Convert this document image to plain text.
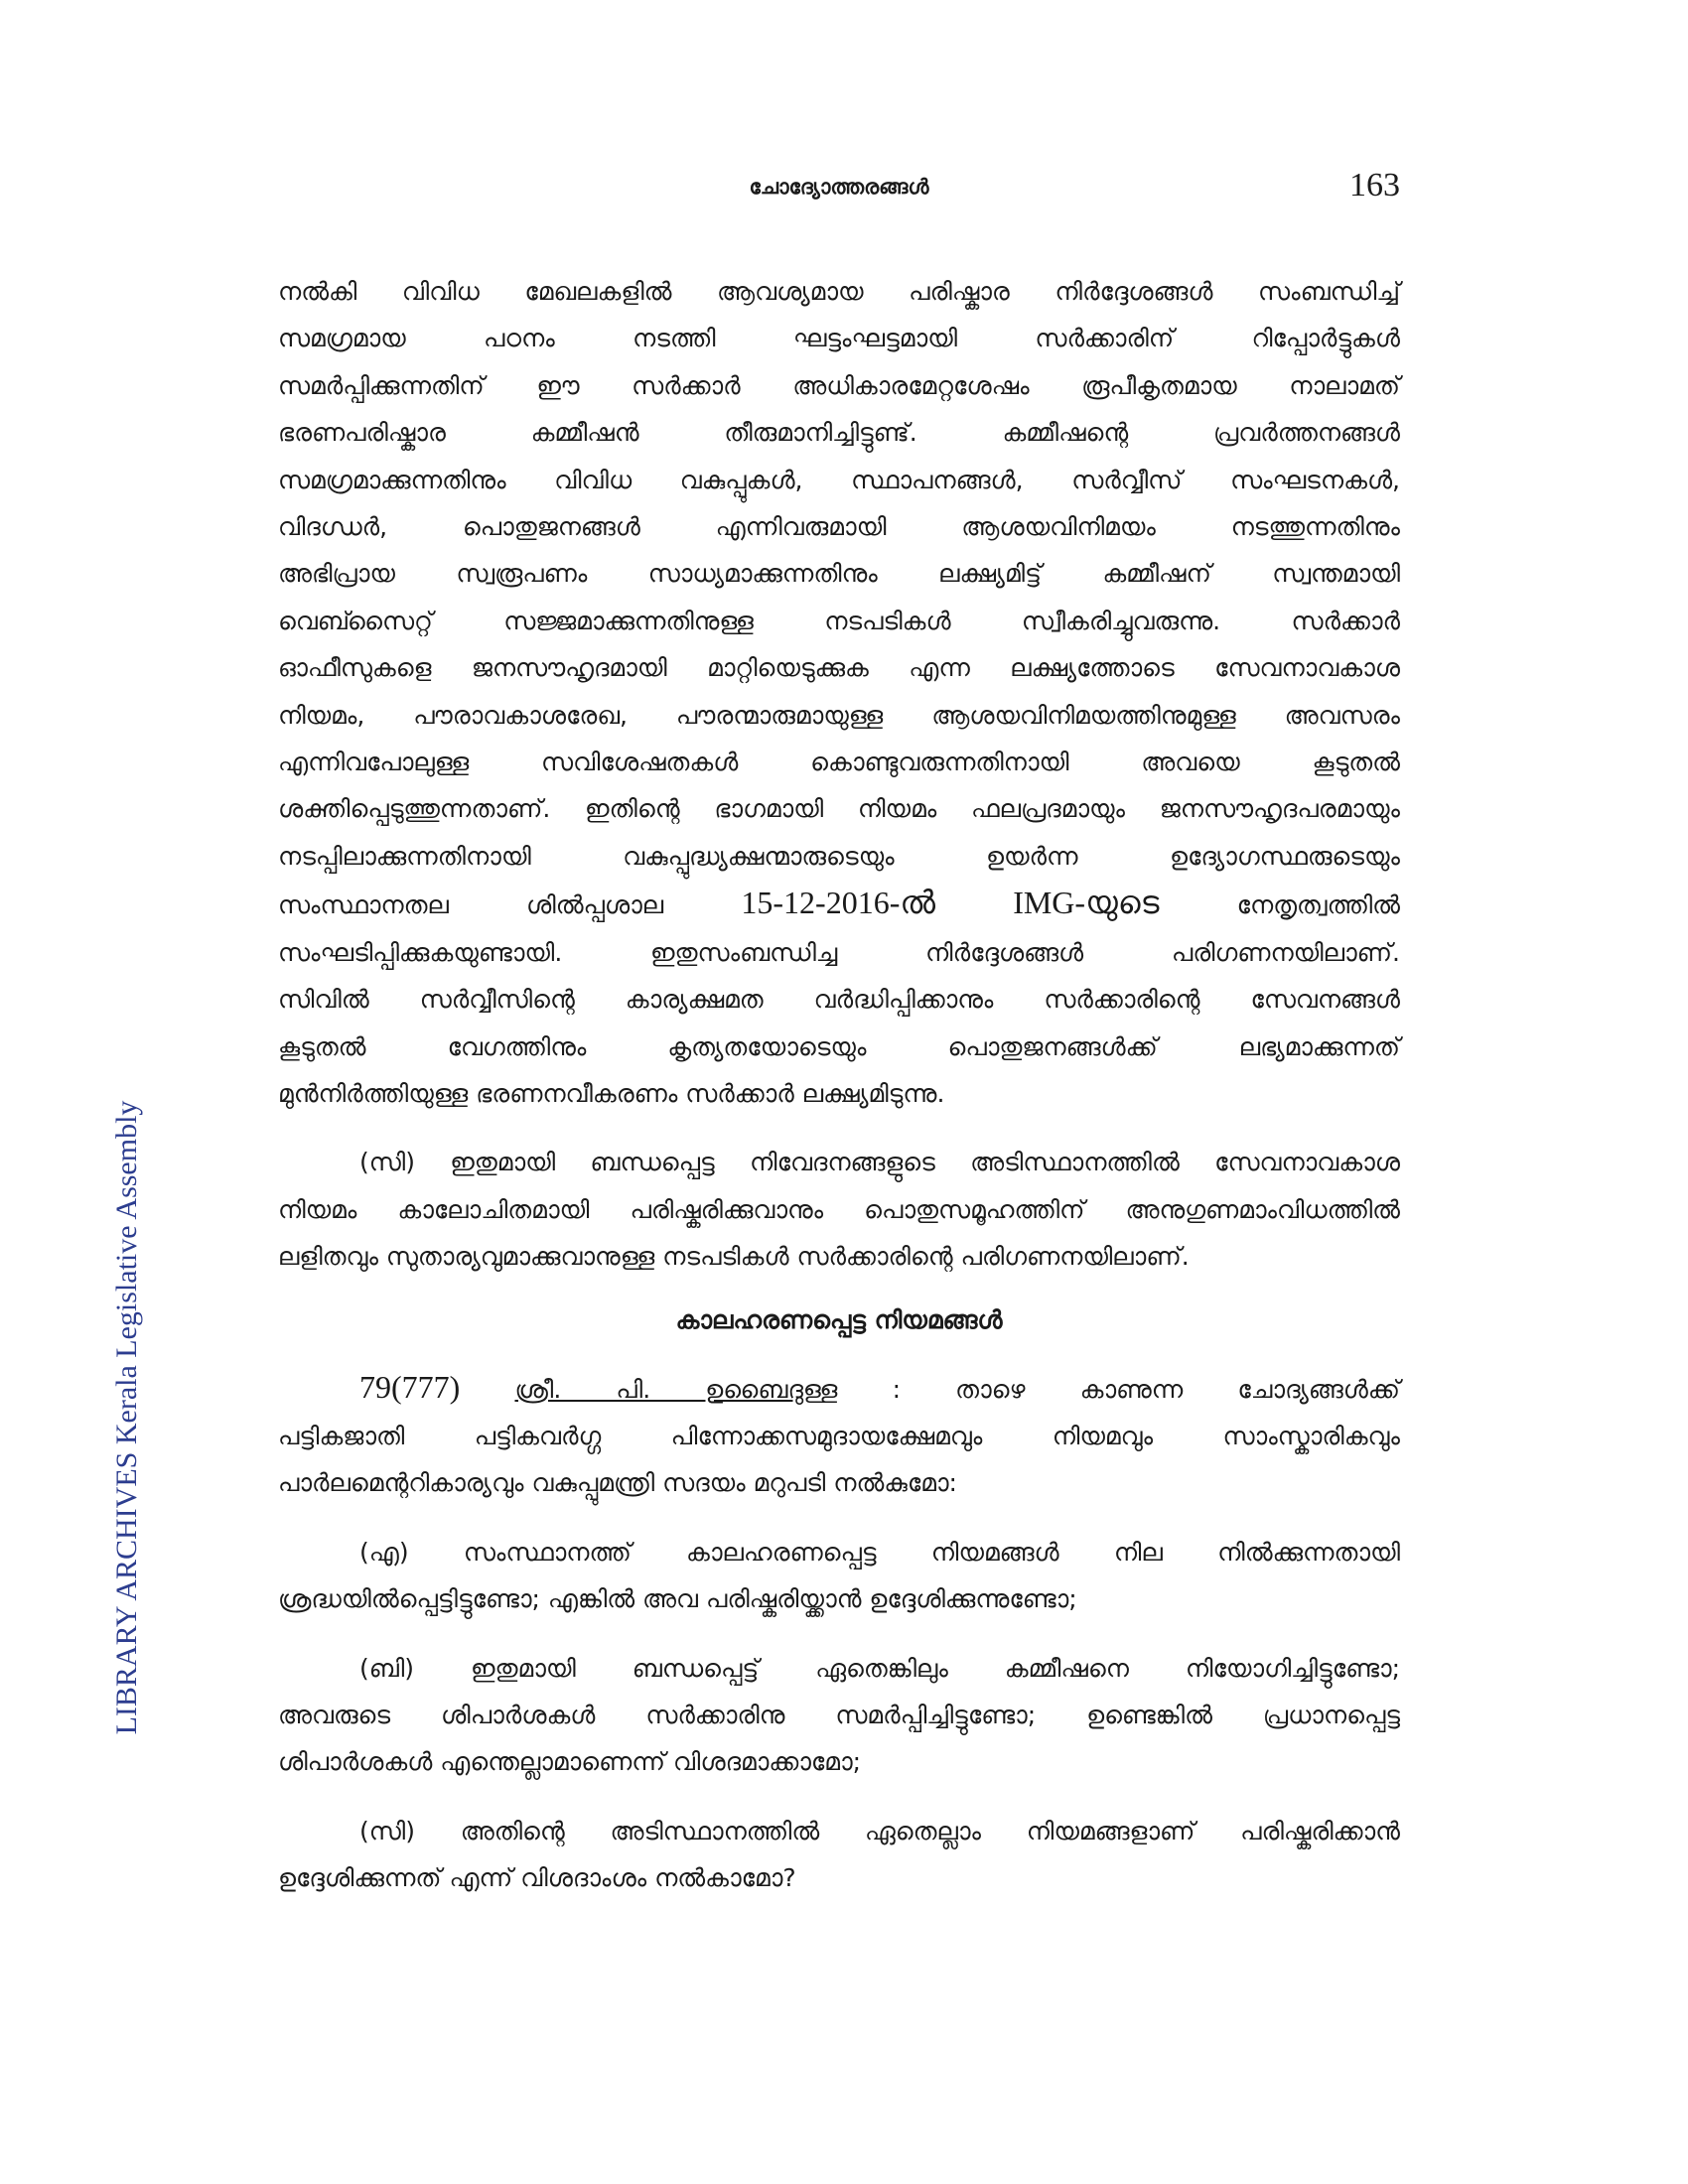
ചോദ്യോത്തരങ്ങൾ	163
LIBRARY ARCHIVES Kerala Legislative Assembly
നൽകി വിവിധ മേഖലകളിൽ ആവശ്യമായ പരിഷ്കാര നിർദ്ദേശങ്ങൾ സംബന്ധിച്ച്
സമഗ്രമായ പഠനം നടത്തി ഘട്ടംഘട്ടമായി സർക്കാരിന് റിപ്പോർട്ടുകൾ
സമർപ്പിക്കുന്നതിന് ഈ സർക്കാർ അധികാരമേറ്റശേഷം രൂപീകൃതമായ നാലാമത്
ഭരണപരിഷ്കാര കമ്മീഷൻ തീരുമാനിച്ചിട്ടുണ്ട്. കമ്മീഷന്റെ പ്രവർത്തനങ്ങൾ
സമഗ്രമാക്കുന്നതിനും വിവിധ വകുപ്പുകൾ, സ്ഥാപനങ്ങൾ, സർവ്വീസ് സംഘടനകൾ,
വിദഗ്ധർ, പൊതുജനങ്ങൾ എന്നിവരുമായി ആശയവിനിമയം നടത്തുന്നതിനും
അഭിപ്രായ സ്വരൂപണം സാധ്യമാക്കുന്നതിനും ലക്ഷ്യമിട്ട് കമ്മീഷന് സ്വന്തമായി
വെബ്സൈറ്റ് സജ്ജമാക്കുന്നതിനുള്ള നടപടികൾ സ്വീകരിച്ചുവരുന്നു. സർക്കാർ
ഓഫീസുകളെ ജനസൗഹൃദമായി മാറ്റിയെടുക്കുക എന്ന ലക്ഷ്യത്തോടെ സേവനാവകാശ
നിയമം, പൗരാവകാശരേഖ, പൗരന്മാരുമായുള്ള ആശയവിനിമയത്തിനുമുള്ള അവസരം
എന്നിവപോലുള്ള സവിശേഷതകൾ കൊണ്ടുവരുന്നതിനായി അവയെ കൂടുതൽ
ശക്തിപ്പെടുത്തുന്നതാണ്. ഇതിന്റെ ഭാഗമായി നിയമം ഫലപ്രദമായും ജനസൗഹൃദപരമായും
നടപ്പിലാക്കുന്നതിനായി വകുപ്പുദ്ധ്യക്ഷന്മാരുടെയും ഉയർന്ന ഉദ്യോഗസ്ഥരുടെയും
സംസ്ഥാനതല	ശിൽപ്പശാല 15-12-2016-ൽ IMG-യുടെ	നേതൃത്വത്തിൽ
സംഘടിപ്പിക്കുകയുണ്ടായി. ഇതുസംബന്ധിച്ച നിർദ്ദേശങ്ങൾ പരിഗണനയിലാണ്.
സിവിൽ സർവ്വീസിന്റെ കാര്യക്ഷമത വർദ്ധിപ്പിക്കാനും സർക്കാരിന്റെ സേവനങ്ങൾ
കൂടുതൽ വേഗത്തിനും കൃത്യതയോടെയും പൊതുജനങ്ങൾക്ക് ലഭ്യമാക്കുന്നത്
മുൻനിർത്തിയുള്ള ഭരണനവീകരണം സർക്കാർ ലക്ഷ്യമിടുന്നു.
(സി) ഇതുമായി ബന്ധപ്പെട്ട നിവേദനങ്ങളുടെ അടിസ്ഥാനത്തിൽ സേവനാവകാശ
നിയമം കാലോചിതമായി പരിഷ്കരിക്കുവാനും പൊതുസമൂഹത്തിന് അനുഗുണമാംവിധത്തിൽ
ലളിതവും സുതാര്യവുമാക്കുവാനുള്ള നടപടികൾ സർക്കാരിന്റെ പരിഗണനയിലാണ്.
കാലഹരണപ്പെട്ട നിയമങ്ങൾ
79(777) ശ്രീ. പി. ഉബൈദുള്ള : താഴെ കാണുന്ന ചോദ്യങ്ങൾക്ക്
പട്ടികജാതി പട്ടികവർഗ്ഗ പിന്നോക്കസമുദായക്ഷേമവും നിയമവും സാംസ്കാരികവും
പാർലമെന്ററികാര്യവും വകുപ്പുമന്ത്രി സദയം മറുപടി നൽകുമോ:
(എ) സംസ്ഥാനത്ത് കാലഹരണപ്പെട്ട നിയമങ്ങൾ നില നിൽക്കുന്നതായി
ശ്രദ്ധയിൽപ്പെട്ടിട്ടുണ്ടോ; എങ്കിൽ അവ പരിഷ്കരിയ്ക്കാൻ ഉദ്ദേശിക്കുന്നുണ്ടോ;
(ബി) ഇതുമായി ബന്ധപ്പെട്ട് ഏതെങ്കിലും കമ്മീഷനെ നിയോഗിച്ചിട്ടുണ്ടോ;
അവരുടെ ശിപാർശകൾ സർക്കാരിനു സമർപ്പിച്ചിട്ടുണ്ടോ; ഉണ്ടെങ്കിൽ പ്രധാനപ്പെട്ട
ശിപാർശകൾ എന്തെല്ലാമാണെന്ന് വിശദമാക്കാമോ;
(സി) അതിന്റെ അടിസ്ഥാനത്തിൽ ഏതെല്ലാം നിയമങ്ങളാണ് പരിഷ്കരിക്കാൻ
ഉദ്ദേശിക്കുന്നത് എന്ന് വിശദാംശം നൽകാമോ?
